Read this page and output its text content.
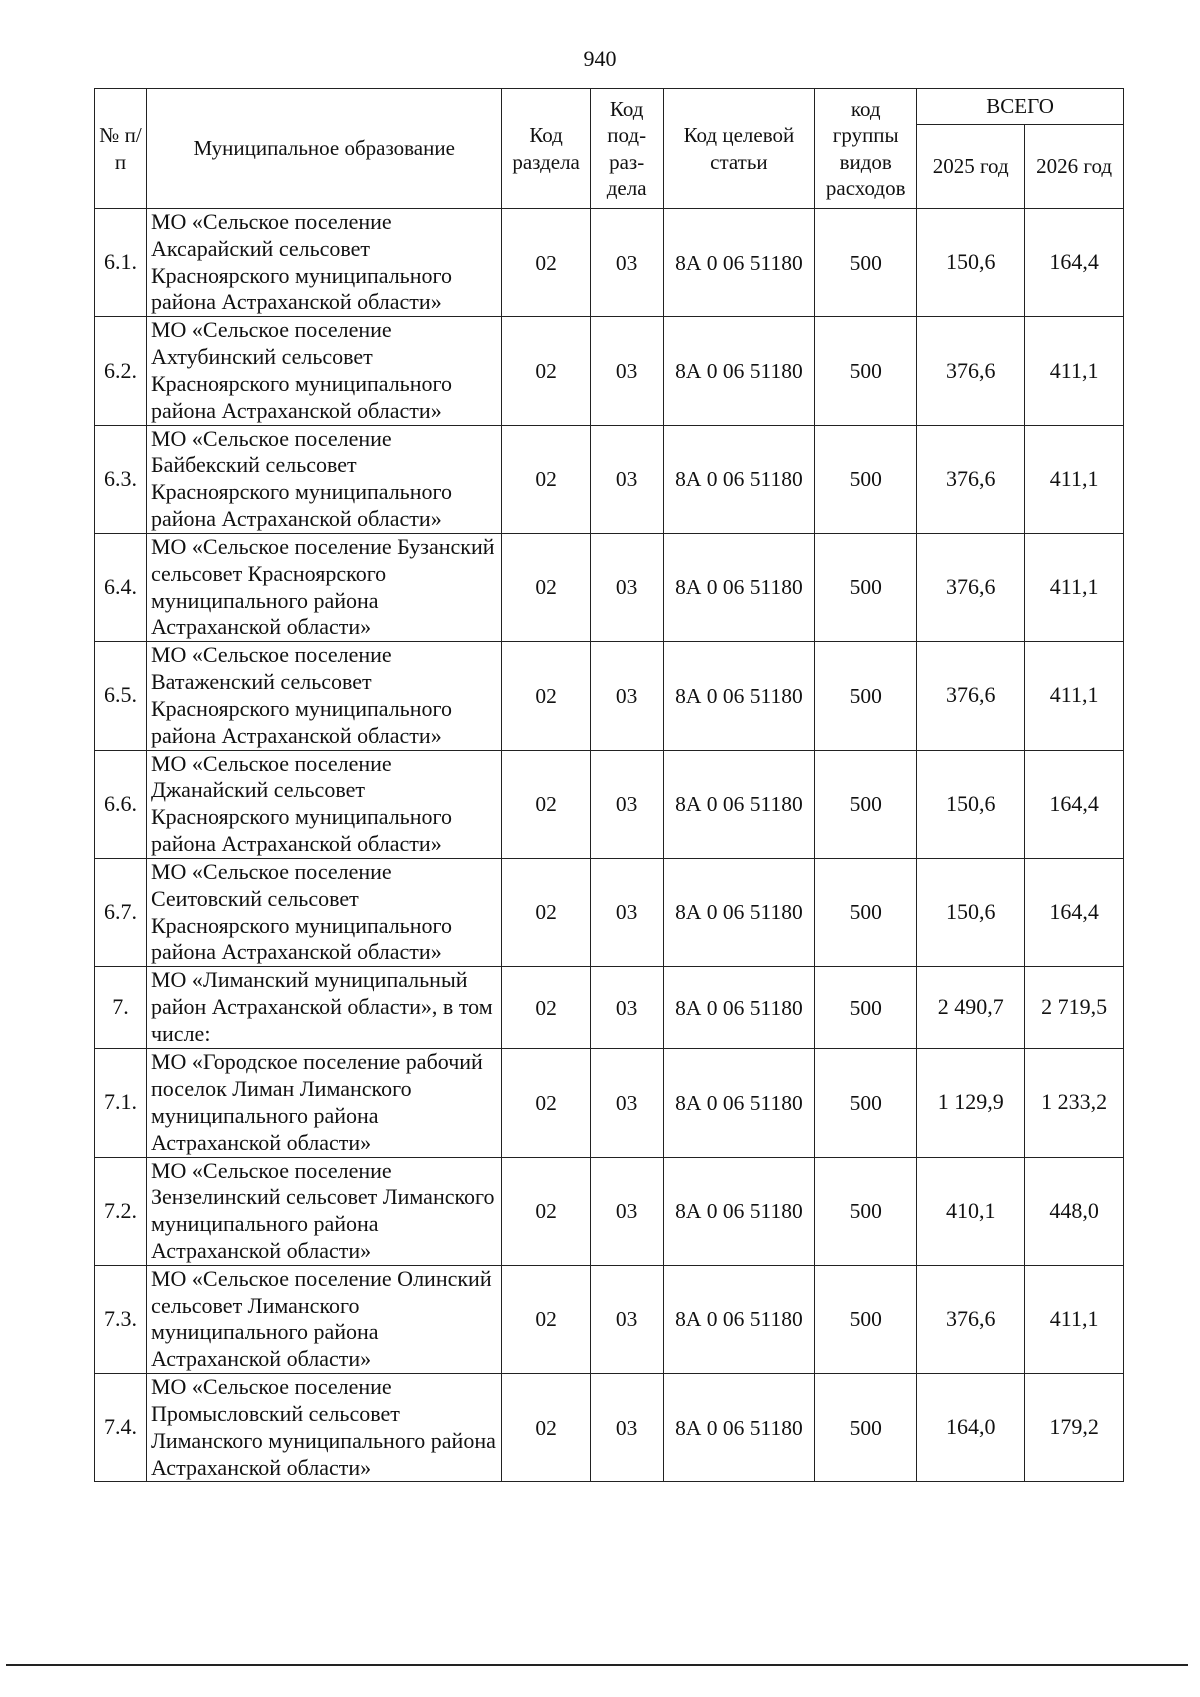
940
№ п/п	Муниципальное образование	Код раздела	Код под-раз-дела	Код целевой статьи	код группы видов расходов	ВСЕГО	
						2025 год	2026 год
6.1.	МО «Сельское поселение Аксарайский сельсовет Красноярского муниципального района Астраханской области»	02	03	8А 0 06 51180	500	150,6	164,4
6.2.	МО «Сельское поселение Ахтубинский сельсовет Красноярского муниципального района Астраханской области»	02	03	8А 0 06 51180	500	376,6	411,1
6.3.	МО «Сельское поселение Байбекский сельсовет Красноярского муниципального района Астраханской области»	02	03	8А 0 06 51180	500	376,6	411,1
6.4.	МО «Сельское поселение Бузанский сельсовет Красноярского муниципального района Астраханской области»	02	03	8А 0 06 51180	500	376,6	411,1
6.5.	МО «Сельское поселение Ватаженский сельсовет Красноярского муниципального района Астраханской области»	02	03	8А 0 06 51180	500	376,6	411,1
6.6.	МО «Сельское поселение Джанайский сельсовет Красноярского муниципального района Астраханской области»	02	03	8А 0 06 51180	500	150,6	164,4
6.7.	МО «Сельское поселение Сеитовский сельсовет Красноярского муниципального района Астраханской области»	02	03	8А 0 06 51180	500	150,6	164,4
7.	МО «Лиманский муниципальный район Астраханской области», в том числе:	02	03	8А 0 06 51180	500	2 490,7	2 719,5
7.1.	МО «Городское поселение рабочий поселок Лиман Лиманского муниципального района Астраханской области»	02	03	8А 0 06 51180	500	1 129,9	1 233,2
7.2.	МО «Сельское поселение Зензелинский сельсовет Лиманского муниципального района Астраханской области»	02	03	8А 0 06 51180	500	410,1	448,0
7.3.	МО «Сельское поселение Олинский сельсовет Лиманского муниципального района Астраханской области»	02	03	8А 0 06 51180	500	376,6	411,1
7.4.	МО «Сельское поселение Промысловский сельсовет Лиманского муниципального района Астраханской области»	02	03	8А 0 06 51180	500	164,0	179,2
